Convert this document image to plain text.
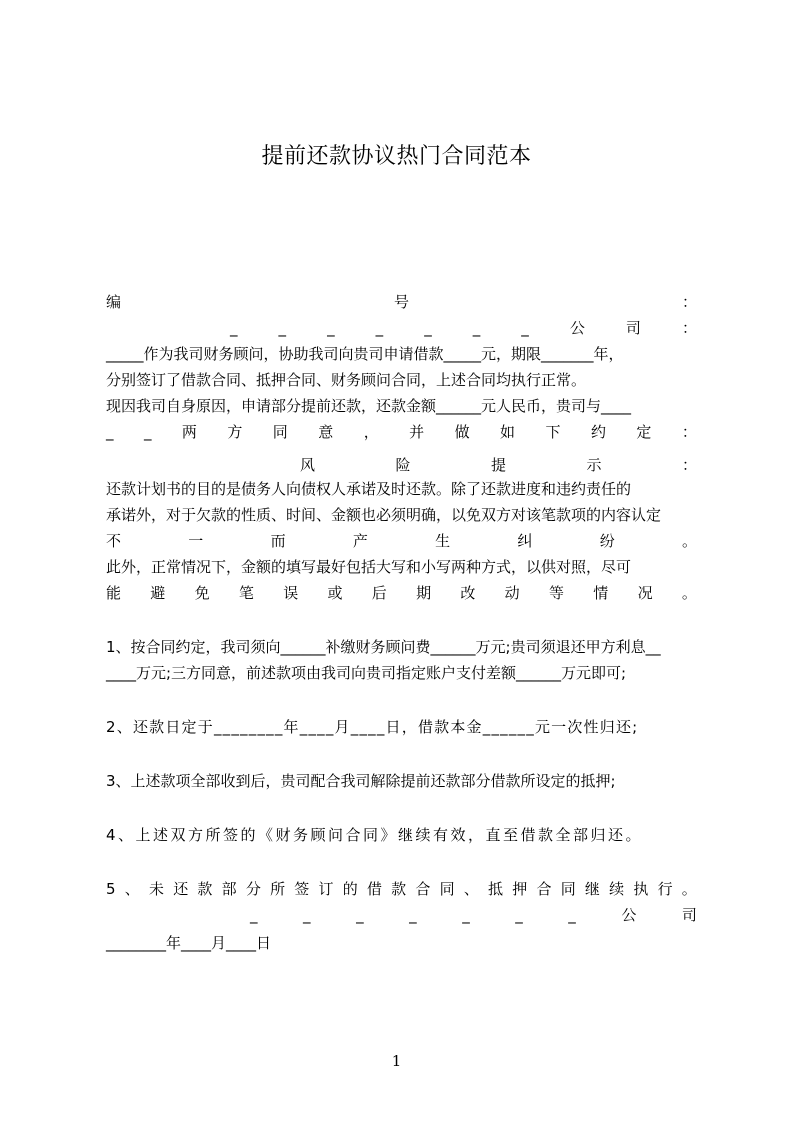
提前还款协议热门合同范本
编	号	：
_	_	_	_	_	_	_	公	司	：
_____作为我司财务顾问，协助我司向贵司申请借款_____元，期限_______年，
分别签订了借款合同、抵押合同、财务顾问合同，上述合同均执行正常。
现因我司自身原因，申请部分提前还款，还款金额______元人民币，贵司与____
_ _ 两 方 同 意 ， 并 做 如 下 约 定 ：
风	险	提	示	：
还款计划书的目的是债务人向债权人承诺及时还款。除了还款进度和违约责任的
承诺外，对于欠款的性质、时间、金额也必须明确，以免双方对该笔款项的内容认定
不	一	而	产	生	纠	纷	。
此外，正常情况下，金额的填写最好包括大写和小写两种方式，以供对照，尽可
能 避 免 笔 误 或 后 期 改 动 等 情 况 。
1、按合同约定，我司须向______补缴财务顾问费______万元;贵司须退还甲方利息__
____万元;三方同意，前述款项由我司向贵司指定账户支付差额______万元即可;
2、还款日定于________年____月____日，借款本金______元一次性归还;
3、上述款项全部收到后，贵司配合我司解除提前还款部分借款所设定的抵押;
4、上述双方所签的《财务顾问合同》继续有效，直至借款全部归还。
5 、 未 还 款 部 分 所 签 订 的 借 款 合 同 、 抵 押 合 同 继 续 执 行 。
_	_	_	_	_	_	_	公	司
________年____月____日
1
